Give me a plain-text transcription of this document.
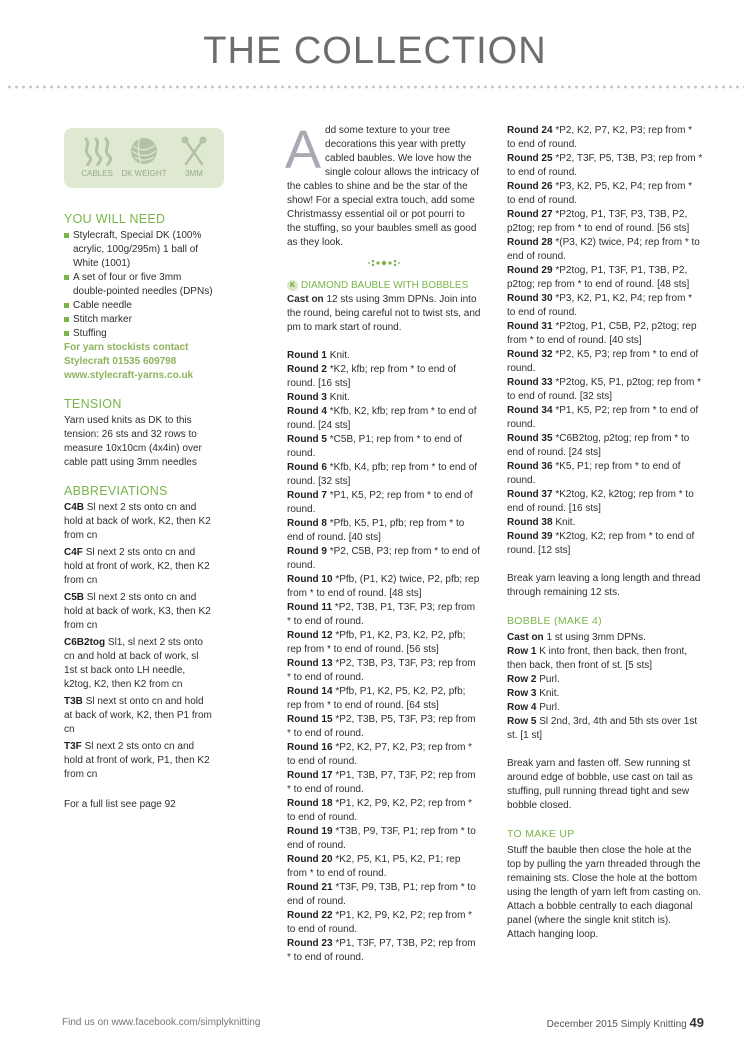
THE COLLECTION
CABLES	DK WEIGHT	3MM
YOU WILL NEED
Stylecraft, Special DK (100% acrylic, 100g/295m) 1 ball of White (1001)
A set of four or five 3mm double-pointed needles (DPNs)
Cable needle
Stitch marker
Stuffing
For yarn stockists contact
Stylecraft 01535 609798
www.stylecraft-yarns.co.uk
TENSION
Yarn used knits as DK to this tension: 26 sts and 32 rows to measure 10x10cm (4x4in) over cable patt using 3mm needles
ABBREVIATIONS
C4B Sl next 2 sts onto cn and hold at back of work, K2, then K2 from cn
C4F Sl next 2 sts onto cn and hold at front of work, K2, then K2 from cn
C5B Sl next 2 sts onto cn and hold at back of work, K3, then K2 from cn
C6B2tog Sl1, sl next 2 sts onto cn and hold at back of work, sl 1st st back onto LH needle, k2tog, K2, then K2 from cn
T3B Sl next st onto cn and hold at back of work, K2, then P1 from cn
T3F Sl next 2 sts onto cn and hold at front of work, P1, then K2 from cn
For a full list see page 92
Add some texture to your tree decorations this year with pretty cabled baubles. We love how the single colour allows the intricacy of the cables to shine and be the star of the show! For a special extra touch, add some Christmassy essential oil or pot pourri to the stuffing, so your baubles smell as good as they look.
K DIAMOND BAUBLE WITH BOBBLES
Cast on 12 sts using 3mm DPNs. Join into the round, being careful not to twist sts, and pm to mark start of round.
Round 1 Knit.
Round 2 *K2, kfb; rep from * to end of round. [16 sts]
Round 3 Knit.
Round 4 *Kfb, K2, kfb; rep from * to end of round. [24 sts]
Round 5 *C5B, P1; rep from * to end of round.
Round 6 *Kfb, K4, pfb; rep from * to end of round. [32 sts]
Round 7 *P1, K5, P2; rep from * to end of round.
Round 8 *Pfb, K5, P1, pfb; rep from * to end of round. [40 sts]
Round 9 *P2, C5B, P3; rep from * to end of round.
Round 10 *Pfb, (P1, K2) twice, P2, pfb; rep from * to end of round. [48 sts]
Round 11 *P2, T3B, P1, T3F, P3; rep from * to end of round.
Round 12 *Pfb, P1, K2, P3, K2, P2, pfb; rep from * to end of round. [56 sts]
Round 13 *P2, T3B, P3, T3F, P3; rep from * to end of round.
Round 14 *Pfb, P1, K2, P5, K2, P2, pfb; rep from * to end of round. [64 sts]
Round 15 *P2, T3B, P5, T3F, P3; rep from * to end of round.
Round 16 *P2, K2, P7, K2, P3; rep from * to end of round.
Round 17 *P1, T3B, P7, T3F, P2; rep from * to end of round.
Round 18 *P1, K2, P9, K2, P2; rep from * to end of round.
Round 19 *T3B, P9, T3F, P1; rep from * to end of round.
Round 20 *K2, P5, K1, P5, K2, P1; rep from * to end of round.
Round 21 *T3F, P9, T3B, P1; rep from * to end of round.
Round 22 *P1, K2, P9, K2, P2; rep from * to end of round.
Round 23 *P1, T3F, P7, T3B, P2; rep from * to end of round.
Round 24 *P2, K2, P7, K2, P3; rep from * to end of round.
Round 25 *P2, T3F, P5, T3B, P3; rep from * to end of round.
Round 26 *P3, K2, P5, K2, P4; rep from * to end of round.
Round 27 *P2tog, P1, T3F, P3, T3B, P2, p2tog; rep from * to end of round. [56 sts]
Round 28 *(P3, K2) twice, P4; rep from * to end of round.
Round 29 *P2tog, P1, T3F, P1, T3B, P2, p2tog; rep from * to end of round. [48 sts]
Round 30 *P3, K2, P1, K2, P4; rep from * to end of round.
Round 31 *P2tog, P1, C5B, P2, p2tog; rep from * to end of round. [40 sts]
Round 32 *P2, K5, P3; rep from * to end of round.
Round 33 *P2tog, K5, P1, p2tog; rep from * to end of round. [32 sts]
Round 34 *P1, K5, P2; rep from * to end of round.
Round 35 *C6B2tog, p2tog; rep from * to end of round. [24 sts]
Round 36 *K5, P1; rep from * to end of round.
Round 37 *K2tog, K2, k2tog; rep from * to end of round. [16 sts]
Round 38 Knit.
Round 39 *K2tog, K2; rep from * to end of round. [12 sts]
Break yarn leaving a long length and thread through remaining 12 sts.
BOBBLE (MAKE 4)
Cast on 1 st using 3mm DPNs.
Row 1 K into front, then back, then front, then back, then front of st. [5 sts]
Row 2 Purl.
Row 3 Knit.
Row 4 Purl.
Row 5 Sl 2nd, 3rd, 4th and 5th sts over 1st st. [1 st]
Break yarn and fasten off. Sew running st around edge of bobble, use cast on tail as stuffing, pull running thread tight and sew bobble closed.
TO MAKE UP
Stuff the bauble then close the hole at the top by pulling the yarn threaded through the remaining sts. Close the hole at the bottom using the length of yarn left from casting on. Attach a bobble centrally to each diagonal panel (where the single knit stitch is).
Attach hanging loop.
Find us on www.facebook.com/simplyknitting	December 2015 Simply Knitting 49
